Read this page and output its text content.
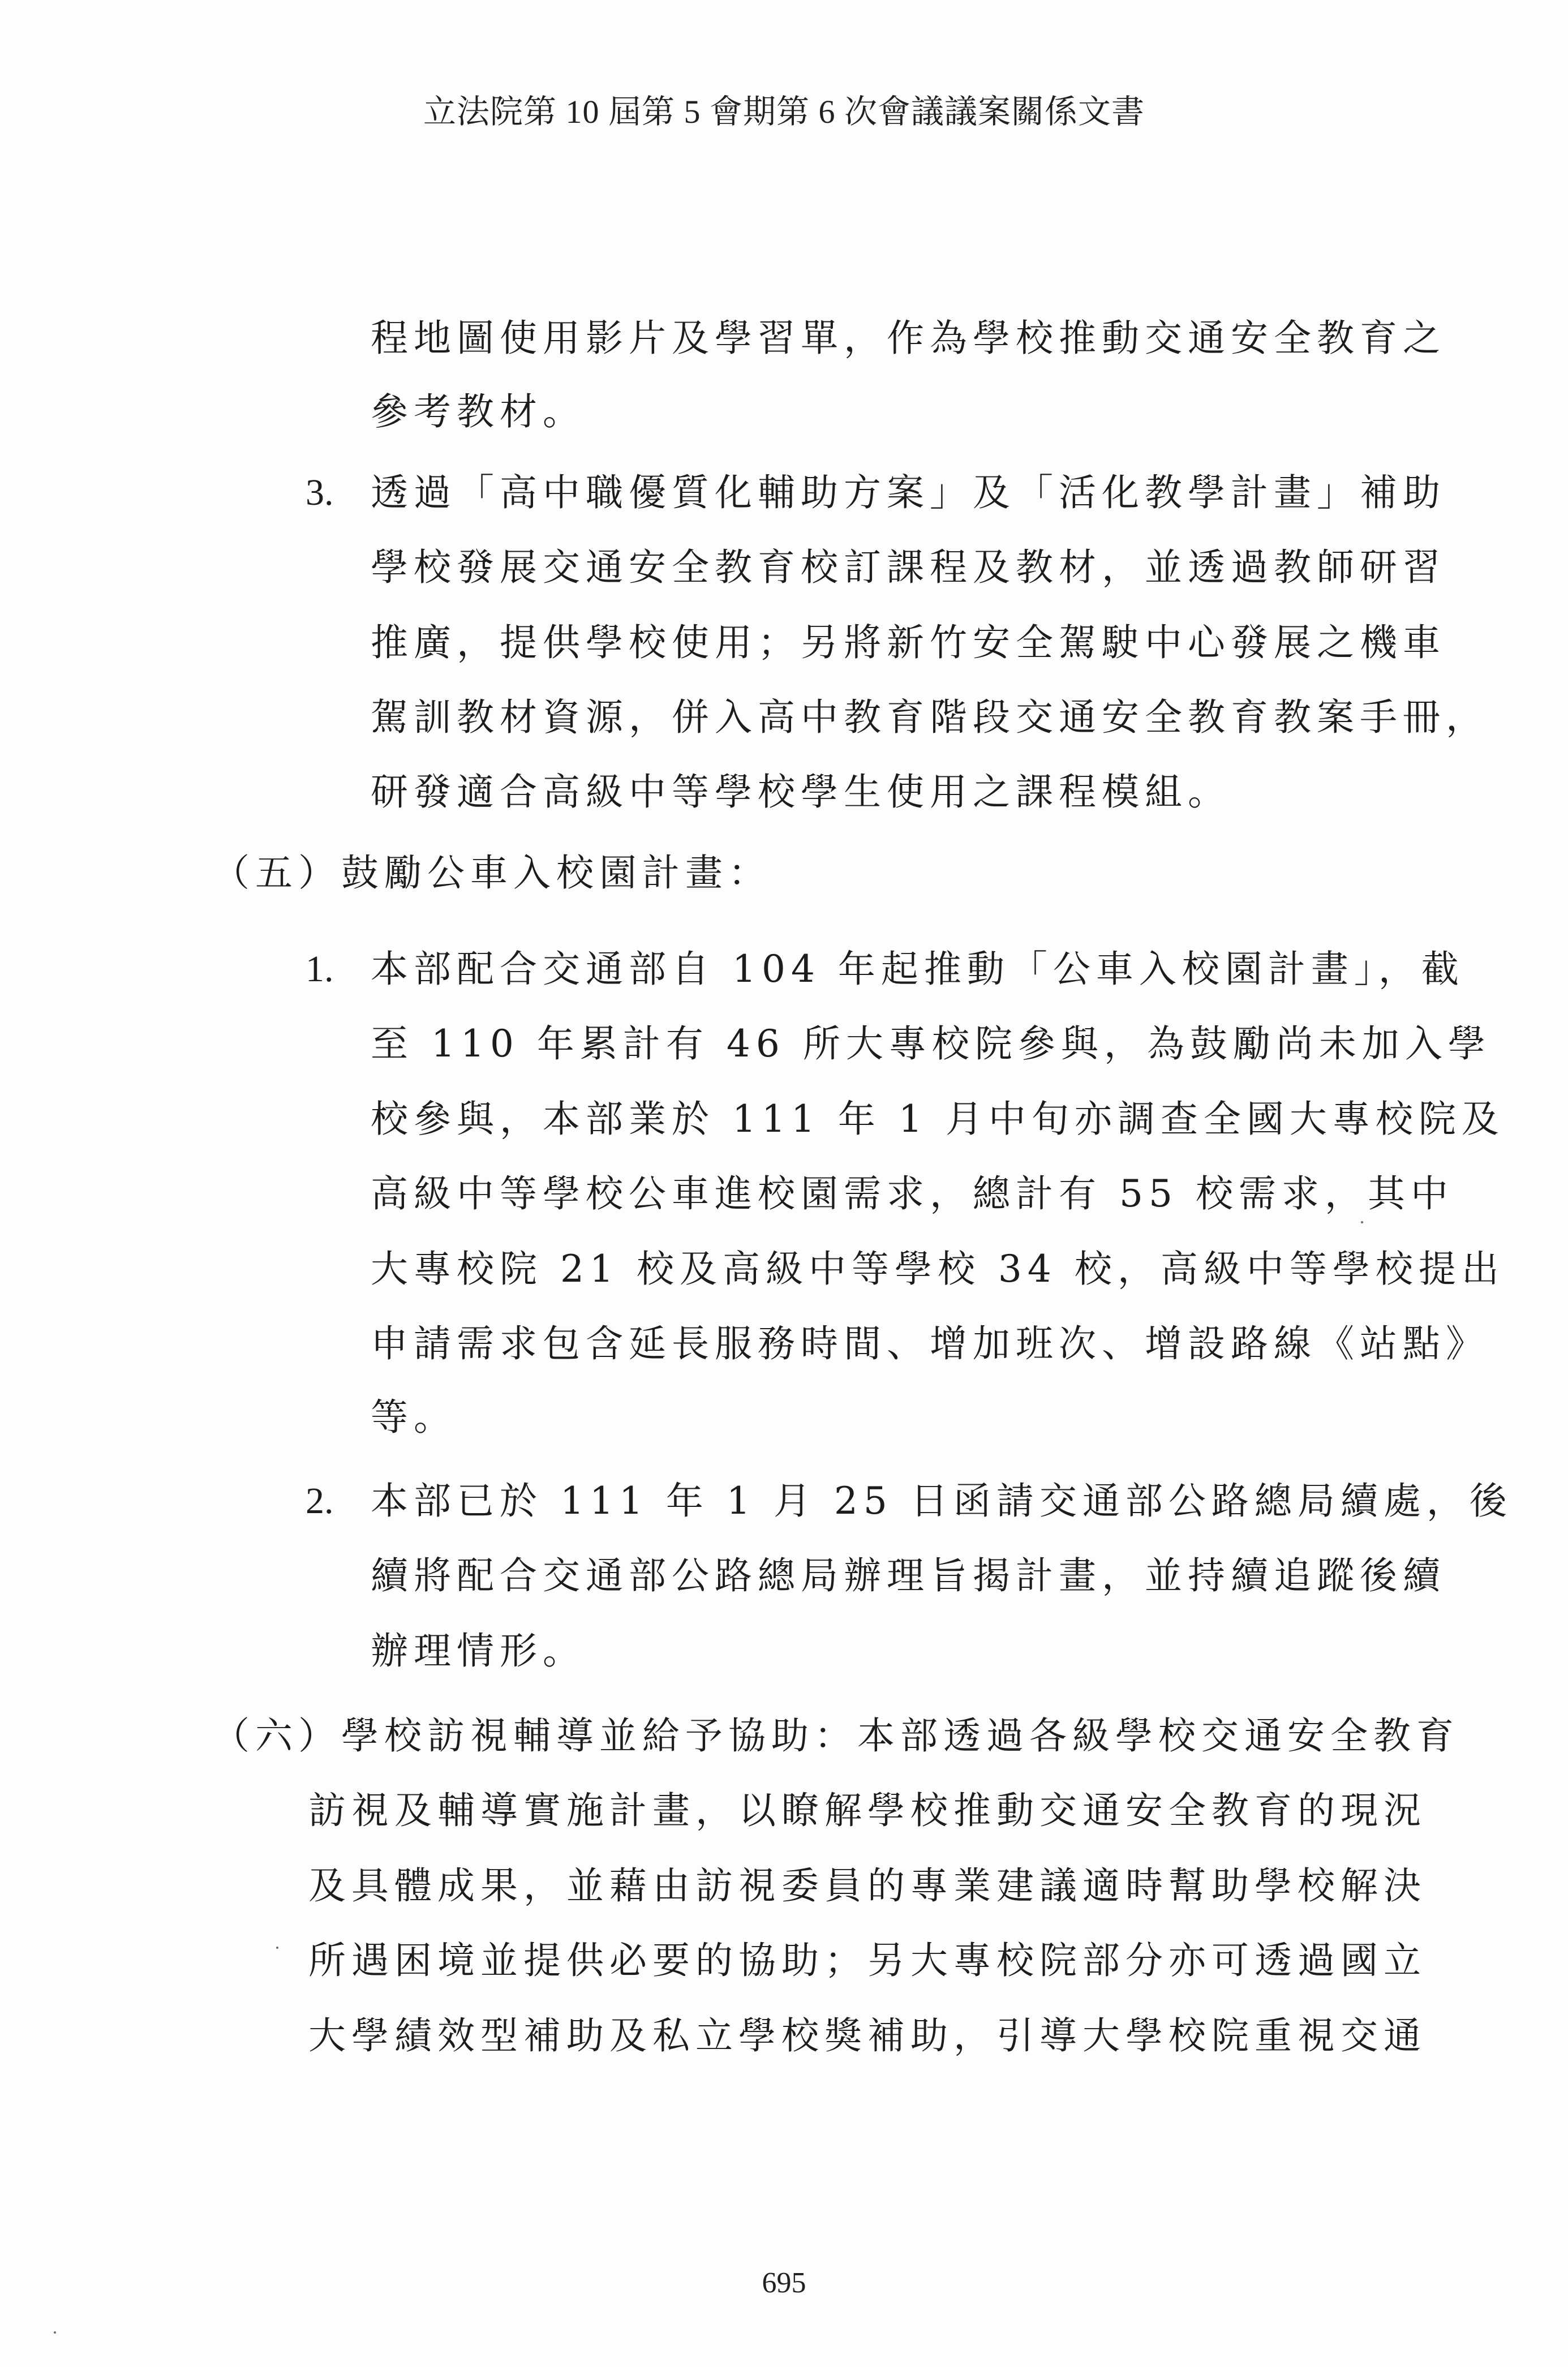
立法院第 10 屆第 5 會期第 6 次會議議案關係文書
程地圖使用影片及學習單，作為學校推動交通安全教育之
參考教材。
3. 透過「高中職優質化輔助方案」及「活化教學計畫」補助
學校發展交通安全教育校訂課程及教材，並透過教師研習
推廣，提供學校使用；另將新竹安全駕駛中心發展之機車
駕訓教材資源，併入高中教育階段交通安全教育教案手冊，
研發適合高級中等學校學生使用之課程模組。
（五）鼓勵公車入校園計畫：
1. 本部配合交通部自 104 年起推動「公車入校園計畫」，截
至 110 年累計有 46 所大專校院參與，為鼓勵尚未加入學
校參與，本部業於 111 年 1 月中旬亦調查全國大專校院及
高級中等學校公車進校園需求，總計有 55 校需求，其中
大專校院 21 校及高級中等學校 34 校，高級中等學校提出
申請需求包含延長服務時間、增加班次、增設路線《站點》
等。
2. 本部已於 111 年 1 月 25 日函請交通部公路總局續處，後
續將配合交通部公路總局辦理旨揭計畫，並持續追蹤後續
辦理情形。
（六）學校訪視輔導並給予協助：本部透過各級學校交通安全教育
訪視及輔導實施計畫，以瞭解學校推動交通安全教育的現況
及具體成果，並藉由訪視委員的專業建議適時幫助學校解決
所遇困境並提供必要的協助；另大專校院部分亦可透過國立
大學績效型補助及私立學校獎補助，引導大學校院重視交通
695
